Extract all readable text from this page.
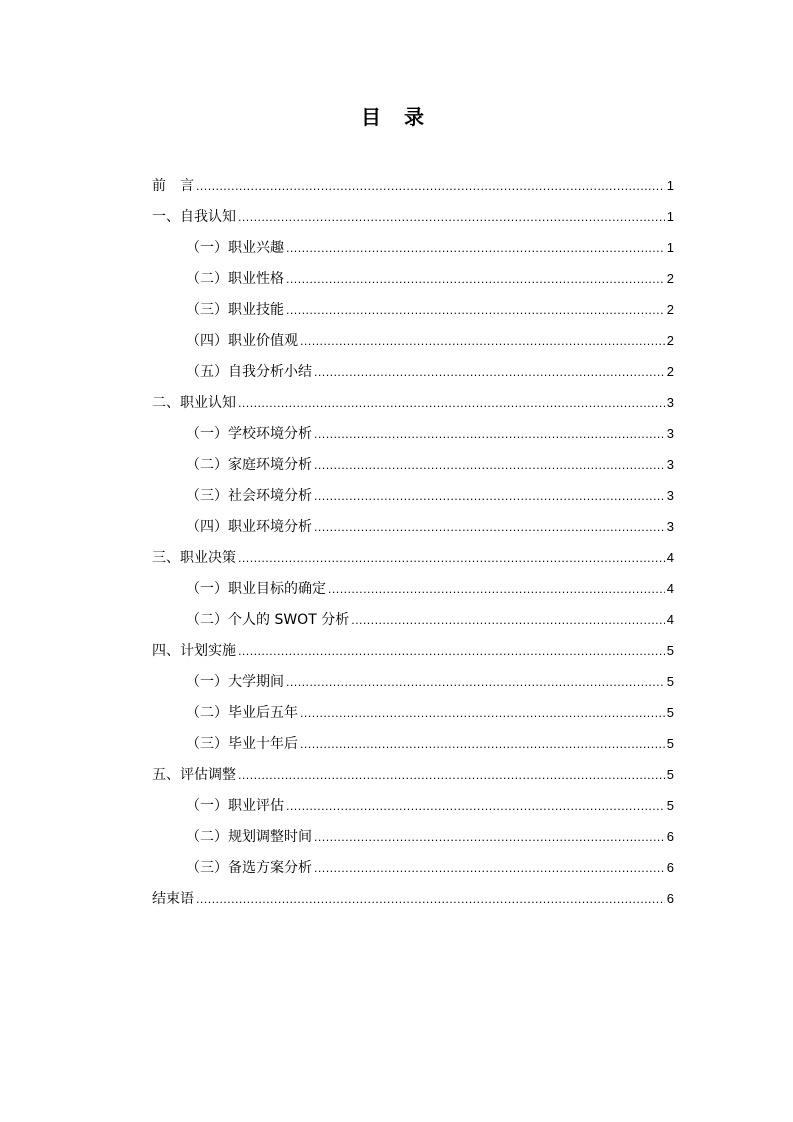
目 录
前　言 .....	1
一、自我认知 .....	1
（一）职业兴趣 .....	1
（二）职业性格 .....	2
（三）职业技能 .....	2
（四）职业价值观 .....	2
（五）自我分析小结 .....	2
二、职业认知 .....	3
（一）学校环境分析 .....	3
（二）家庭环境分析 .....	3
（三）社会环境分析 .....	3
（四）职业环境分析 .....	3
三、职业决策 .....	4
（一）职业目标的确定 .....	4
（二）个人的 SWOT 分析 .....	4
四、计划实施 .....	5
（一）大学期间 .....	5
（二）毕业后五年 .....	5
（三）毕业十年后 .....	5
五、评估调整 .....	5
（一）职业评估 .....	5
（二）规划调整时间 .....	6
（三）备选方案分析 .....	6
结束语 .....	6
